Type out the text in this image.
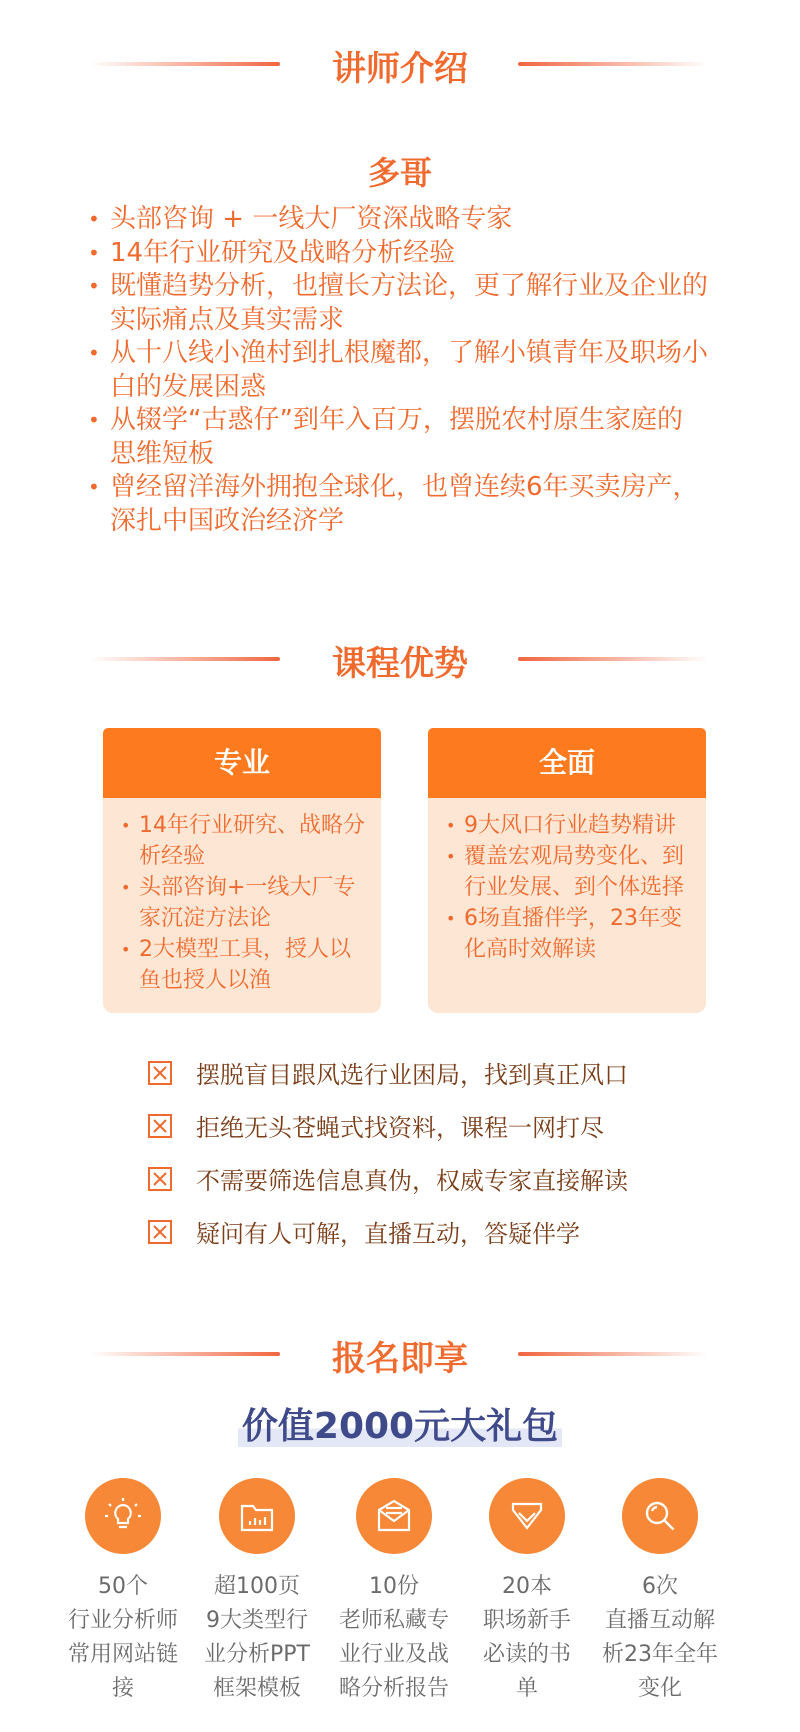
讲师介绍
多哥
• 头部咨询 + 一线大厂资深战略专家
• 14年行业研究及战略分析经验
• 既懂趋势分析，也擅长方法论，更了解行业及企业的实际痛点及真实需求
• 从十八线小渔村到扎根魔都，了解小镇青年及职场小白的发展困惑
• 从辍学“古惑仔”到年入百万，摆脱农村原生家庭的思维短板
• 曾经留洋海外拥抱全球化，也曾连续6年买卖房产，深扎中国政治经济学
课程优势
专业
• 14年行业研究、战略分析经验
• 头部咨询+一线大厂专家沉淀方法论
• 2大模型工具，授人以鱼也授人以渔
全面
• 9大风口行业趋势精讲
• 覆盖宏观局势变化、到行业发展、到个体选择
• 6场直播伴学，23年变化高时效解读
摆脱盲目跟风选行业困局，找到真正风口
拒绝无头苍蝇式找资料，课程一网打尽
不需要筛选信息真伪，权威专家直接解读
疑问有人可解，直播互动，答疑伴学
报名即享
价值2000元大礼包
50个
行业分析师
常用网站链
接
超100页
9大类型行
业分析PPT
框架模板
10份
老师私藏专
业行业及战
略分析报告
20本
职场新手
必读的书
单
6次
直播互动解
析23年全年
变化
